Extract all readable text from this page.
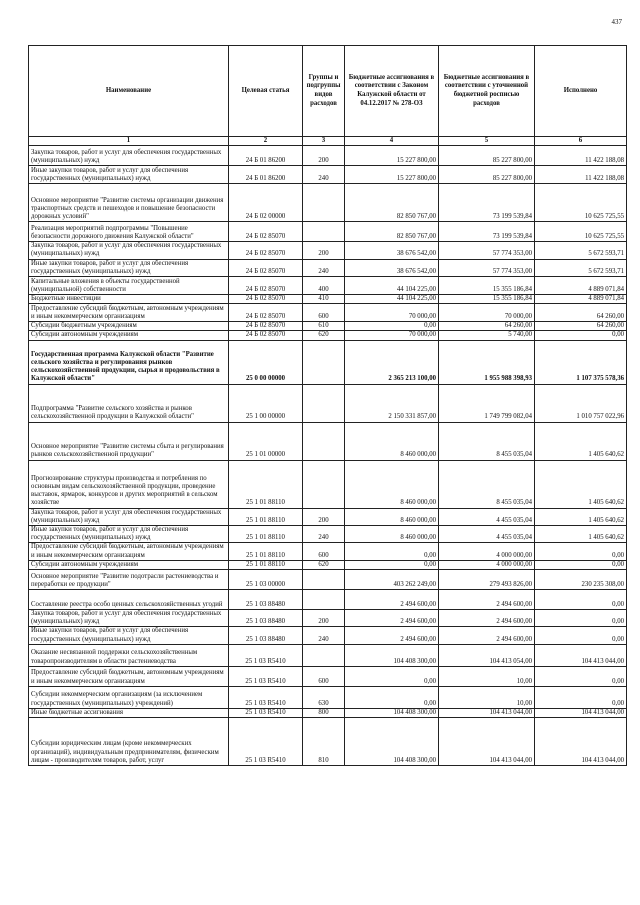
437
Наименование	Целевая статья	Группы и подгруппы видов расходов	Бюджетные ассигнования в соответствии с Законом Калужской области от 04.12.2017 № 278-ОЗ	Бюджетные ассигнования в соответствии с уточненной бюджетной росписью расходов	Исполнено
1	2	3	4	5	6
Закупка товаров, работ и услуг для обеспечения государственных (муниципальных) нужд	24 Б 01 86200	200	15 227 800,00	85 227 800,00	11 422 188,08
Иные закупки товаров, работ и услуг для обеспечения государственных (муниципальных) нужд	24 Б 01 86200	240	15 227 800,00	85 227 800,00	11 422 188,08
Основное мероприятие "Развитие системы организации движения транспортных средств и пешеходов и повышение безопасности дорожных условий"	24 Б 02 00000		82 850 767,00	73 199 539,84	10 625 725,55
Реализация мероприятий подпрограммы "Повышение безопасности дорожного движения Калужской области"	24 Б 02 85070		82 850 767,00	73 199 539,84	10 625 725,55
Закупка товаров, работ и услуг для обеспечения государственных (муниципальных) нужд	24 Б 02 85070	200	38 676 542,00	57 774 353,00	5 672 593,71
Иные закупки товаров, работ и услуг для обеспечения государственных (муниципальных) нужд	24 Б 02 85070	240	38 676 542,00	57 774 353,00	5 672 593,71
Капитальные вложения в объекты государственной (муниципальной) собственности	24 Б 02 85070	400	44 104 225,00	15 355 186,84	4 889 071,84
Бюджетные инвестиции	24 Б 02 85070	410	44 104 225,00	15 355 186,84	4 889 071,84
Предоставление субсидий бюджетным, автономным учреждениям и иным некоммерческим организациям	24 Б 02 85070	600	70 000,00	70 000,00	64 260,00
Субсидии бюджетным учреждениям	24 Б 02 85070	610	0,00	64 260,00	64 260,00
Субсидии автономным учреждениям	24 Б 02 85070	620	70 000,00	5 740,00	0,00
Государственная программа Калужской области "Развитие сельского хозяйства и регулирования рынков сельскохозяйственной продукции, сырья и продовольствия в Калужской области"	25 0 00 00000		2 365 213 100,00	1 955 988 398,93	1 107 375 578,36
Подпрограмма "Развитие сельского хозяйства и рынков сельскохозяйственной продукции в Калужской области"	25 1 00 00000		2 150 331 857,00	1 749 799 082,04	1 010 757 022,96
Основное мероприятие "Развитие системы сбыта и регулирования рынков сельскохозяйственной продукции"	25 1 01 00000		8 460 000,00	8 455 035,04	1 405 640,62
Прогнозирование структуры производства и потребления по основным видам сельскохозяйственной продукции, проведение выставок, ярмарок, конкурсов и других мероприятий в сельском хозяйстве	25 1 01 88110		8 460 000,00	8 455 035,04	1 405 640,62
Закупка товаров, работ и услуг для обеспечения государственных (муниципальных) нужд	25 1 01 88110	200	8 460 000,00	4 455 035,04	1 405 640,62
Иные закупки товаров, работ и услуг для обеспечения государственных (муниципальных) нужд	25 1 01 88110	240	8 460 000,00	4 455 035,04	1 405 640,62
Предоставление субсидий бюджетным, автономным учреждениям и иным некоммерческим организациям	25 1 01 88110	600	0,00	4 000 000,00	0,00
Субсидии автономным учреждениям	25 1 01 88110	620	0,00	4 000 000,00	0,00
Основное мероприятие "Развитие подотрасли растениеводства и переработки ее продукции"	25 1 03 00000		403 262 249,00	279 493 826,00	230 235 308,00
Составление реестра особо ценных сельскохозяйственных угодий	25 1 03 88480		2 494 600,00	2 494 600,00	0,00
Закупка товаров, работ и услуг для обеспечения государственных (муниципальных) нужд	25 1 03 88480	200	2 494 600,00	2 494 600,00	0,00
Иные закупки товаров, работ и услуг для обеспечения государственных (муниципальных) нужд	25 1 03 88480	240	2 494 600,00	2 494 600,00	0,00
Оказание несвязанной поддержки сельскохозяйственным товаропроизводителям в области растениеводства	25 1 03 R5410		104 408 300,00	104 413 054,00	104 413 044,00
Предоставление субсидий бюджетным, автономным учреждениям и иным некоммерческим организациям	25 1 03 R5410	600	0,00	10,00	0,00
Субсидии некоммерческим организациям (за исключением государственных (муниципальных) учреждений)	25 1 03 R5410	630	0,00	10,00	0,00
Иные бюджетные ассигнования	25 1 03 R5410	800	104 408 300,00	104 413 044,00	104 413 044,00
Субсидии юридическим лицам (кроме некоммерческих организаций), индивидуальным предпринимателям, физическим лицам - производителям товаров, работ, услуг	25 1 03 R5410	810	104 408 300,00	104 413 044,00	104 413 044,00
